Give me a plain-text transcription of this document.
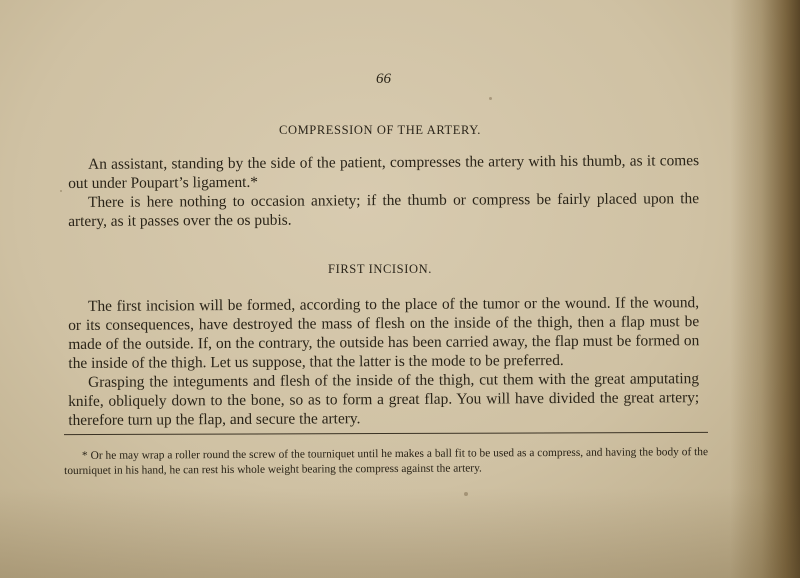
66
COMPRESSION OF THE ARTERY.

An assistant, standing by the side of the patient, compresses the artery with his thumb, as it comes out under Poupart’s ligament.*

There is here nothing to occasion anxiety; if the thumb or compress be fairly placed upon the artery, as it passes over the os pubis.

FIRST INCISION.

The first incision will be formed, according to the place of the tumor or the wound. If the wound, or its consequences, have destroyed the mass of flesh on the inside of the thigh, then a flap must be made of the outside. If, on the contrary, the outside has been carried away, the flap must be formed on the inside of the thigh. Let us suppose, that the latter is the mode to be preferred.

Grasping the integuments and flesh of the inside of the thigh, cut them with the great amputating knife, obliquely down to the bone, so as to form a great flap. You will have divided the great artery; therefore turn up the flap, and secure the artery.

* Or he may wrap a roller round the screw of the tourniquet until he makes a ball fit to be used as a compress, and having the body of the tourniquet in his hand, he can rest his whole weight bearing the compress against the artery.
